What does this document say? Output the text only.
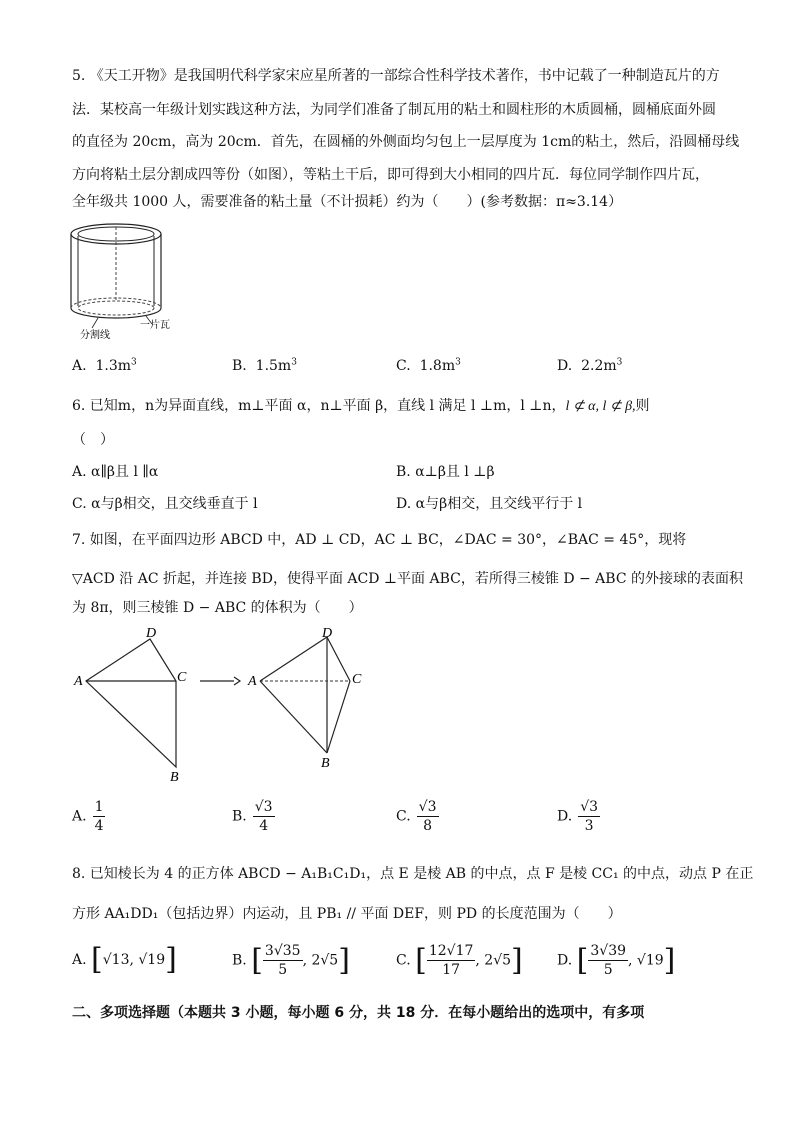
5. 《天工开物》是我国明代科学家宋应星所著的一部综合性科学技术著作，书中记载了一种制造瓦片的方
法．某校高一年级计划实践这种方法，为同学们准备了制瓦用的粘土和圆柱形的木质圆桶，圆桶底面外圆
的直径为 20cm，高为 20cm．首先，在圆桶的外侧面均匀包上一层厚度为 1cm的粘土，然后，沿圆桶母线
方向将粘土层分割成四等份（如图），等粘土干后，即可得到大小相同的四片瓦．每位同学制作四片瓦，
全年级共 1000 人，需要准备的粘土量（不计损耗）约为（　　）(参考数据：π≈3.14）
分割线
一片瓦
A. $1.3m^3$	B. $1.5m^3$	C. $1.8m^3$	D. $2.2m^3$
6. 已知m，n为异面直线，m⊥平面 α，n⊥平面 β，直线 l 满足 l ⊥m，l ⊥n，l ⊄ α, l ⊄ β,则
（　）
A. α∥β且 l ∥α	B. α⊥β且 l ⊥β
C. α与β相交，且交线垂直于 l	D. α与β相交，且交线平行于 l
7. 如图，在平面四边形 ABCD 中，AD ⊥ CD，AC ⊥ BC，∠DAC = 30°，∠BAC = 45°，现将
▽ACD 沿 AC 折起，并连接 BD，使得平面 ACD ⊥平面 ABC，若所得三棱锥 D − ABC 的外接球的表面积
为 8π，则三棱锥 D − ABC 的体积为（　　）
A
D
C
B
A
D
C
B
A. $\frac{1}{4}$	B. $\frac{√3}{4}$	C. $\frac{√3}{8}$	D. $\frac{√3}{3}$
8. 已知棱长为 4 的正方体 ABCD − A₁B₁C₁D₁，点 E 是棱 AB 的中点，点 F 是棱 CC₁ 的中点，动点 P 在正
方形 AA₁DD₁（包括边界）内运动，且 PB₁ // 平面 DEF，则 PD 的长度范围为（　　）
A. [√13, √19]	B. [ $\frac{3√35}{5}$ , 2√5]	C. [ $\frac{12√17}{17}$ , 2√5] D. [ $\frac{3√39}{5}$ , √19]
二、多项选择题（本题共 3 小题，每小题 6 分，共 18 分．在每小题给出的选项中，有多项
